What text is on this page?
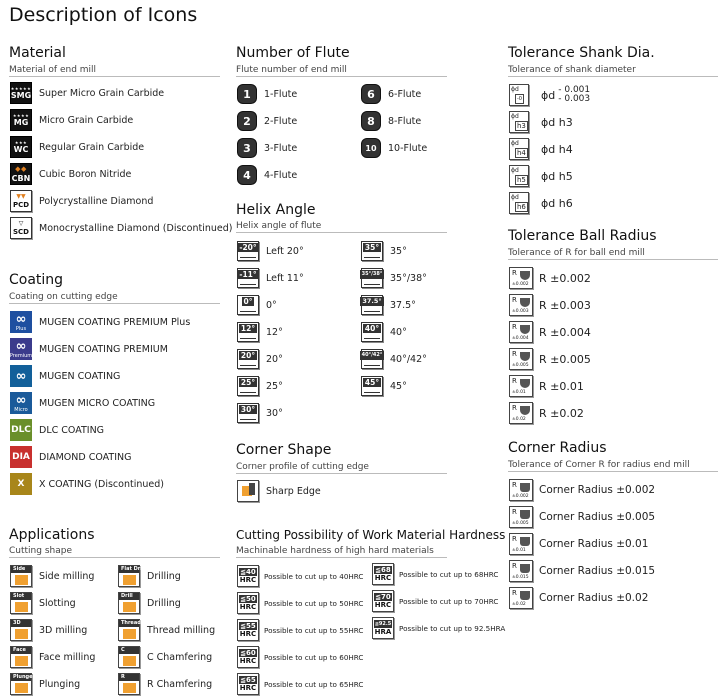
Description of Icons
Material
Material of end mill
★★★★★
SMG Super Micro Grain Carbide
★★★★
MG Micro Grain Carbide
★★★
WC Regular Grain Carbide
◆◆
CBN Cubic Boron Nitride
▼▼
PCD Polycrystalline Diamond
▽
SCD Monocrystalline Diamond (Discontinued)
Coating
Coating on cutting edge
∞
Plus
MUGEN COATING PREMIUM Plus
∞
Premium
MUGEN COATING PREMIUM
∞ MUGEN COATING
∞
Micro
MUGEN MICRO COATING
DLC DLC COATING
DIA DIAMOND COATING
X X COATING (Discontinued)
Applications
Cutting shape
Side
Side milling
Slot
Slotting
3D
3D milling
Face
Face milling
Plunge
Plunging
Flat Drill
Drilling
Drill
Drilling
Thread
Thread milling
C
C Chamfering
R
R Chamfering
Number of Flute
Flute number of end mill
1	1-Flute
2	2-Flute
3	3-Flute
4	4-Flute
6	6-Flute
8	8-Flute
10	10-Flute
Helix Angle
Helix angle of flute
-20° Left 20°
-11° Left 11°
0° 0°
12° 12°
20° 20°
25° 25°
30° 30°
35° 35°
35°/38° 35°/38°
37.5° 37.5°
40° 40°
40°/42° 40°/42°
45° 45°
Corner Shape
Corner profile of cutting edge
Sharp Edge
Cutting Possibility of Work Material Hardness
Machinable hardness of high hard materials
≦40
HRC Possible to cut up to 40HRC
≦50
HRC Possible to cut up to 50HRC
≦55
HRC Possible to cut up to 55HRC
≦60
HRC Possible to cut up to 60HRC
≦65
HRC Possible to cut up to 65HRC
≦68
HRC Possible to cut up to 68HRC
≦70
HRC Possible to cut up to 70HRC
≦92.5
HRA Possible to cut up to 92.5HRA
Tolerance Shank Dia.
Tolerance of shank diameter
ϕd
-0 ϕd - 0.001
- 0.003
ϕd
h3 ϕd h3
ϕd
h4 ϕd h4
ϕd
h5 ϕd h5
ϕd
h6 ϕd h6
Tolerance Ball Radius
Tolerance of R for ball end mill
R
±0.002 R ±0.002
R
±0.003 R ±0.003
R
±0.004 R ±0.004
R
±0.005 R ±0.005
R
±0.01 R ±0.01
R
±0.02 R ±0.02
Corner Radius
Tolerance of Corner R for radius end mill
R
±0.002
Corner Radius ±0.002
R
±0.005
Corner Radius ±0.005
R
±0.01
Corner Radius ±0.01
R
±0.015
Corner Radius ±0.015
R
±0.02
Corner Radius ±0.02
